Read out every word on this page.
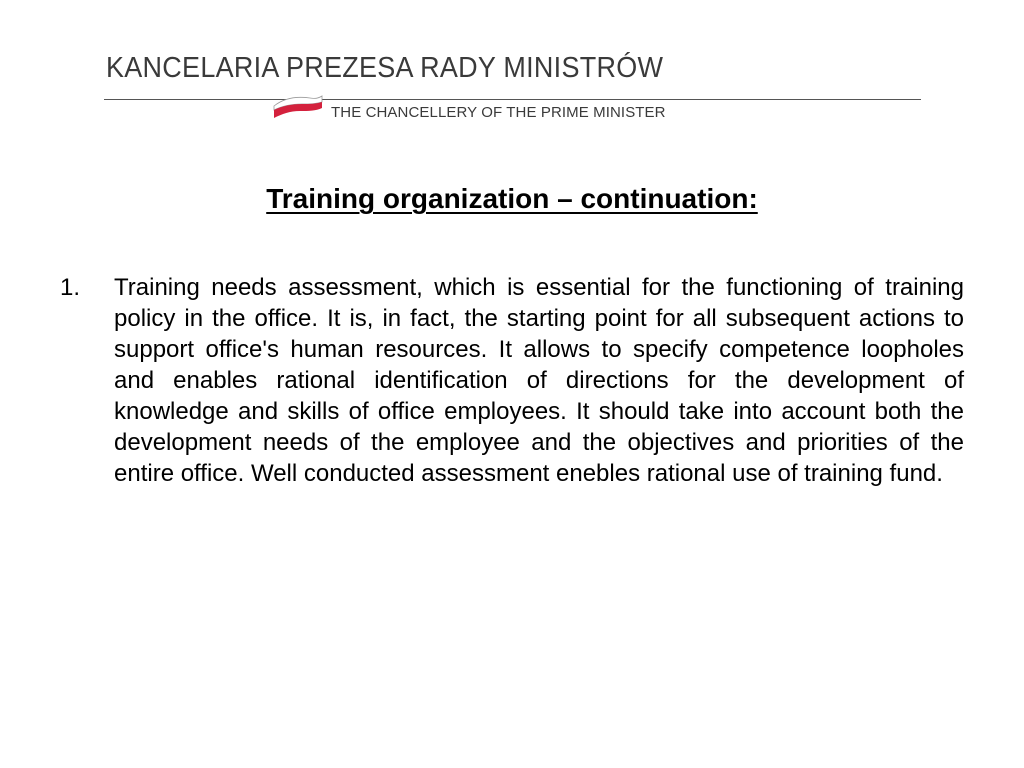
KANCELARIA PREZESA RADY MINISTRÓW
THE CHANCELLERY OF THE PRIME MINISTER
Training organization – continuation:
1. Training needs assessment, which is essential for the functioning of training policy in the office. It is, in fact, the starting point for all subsequent actions to support office's human resources. It allows to specify competence loopholes and enables rational identification of directions for the development of knowledge and skills of office employees. It should take into account both the development needs of the employee and the objectives and priorities of the entire office. Well conducted assessment enebles rational use of training fund.
